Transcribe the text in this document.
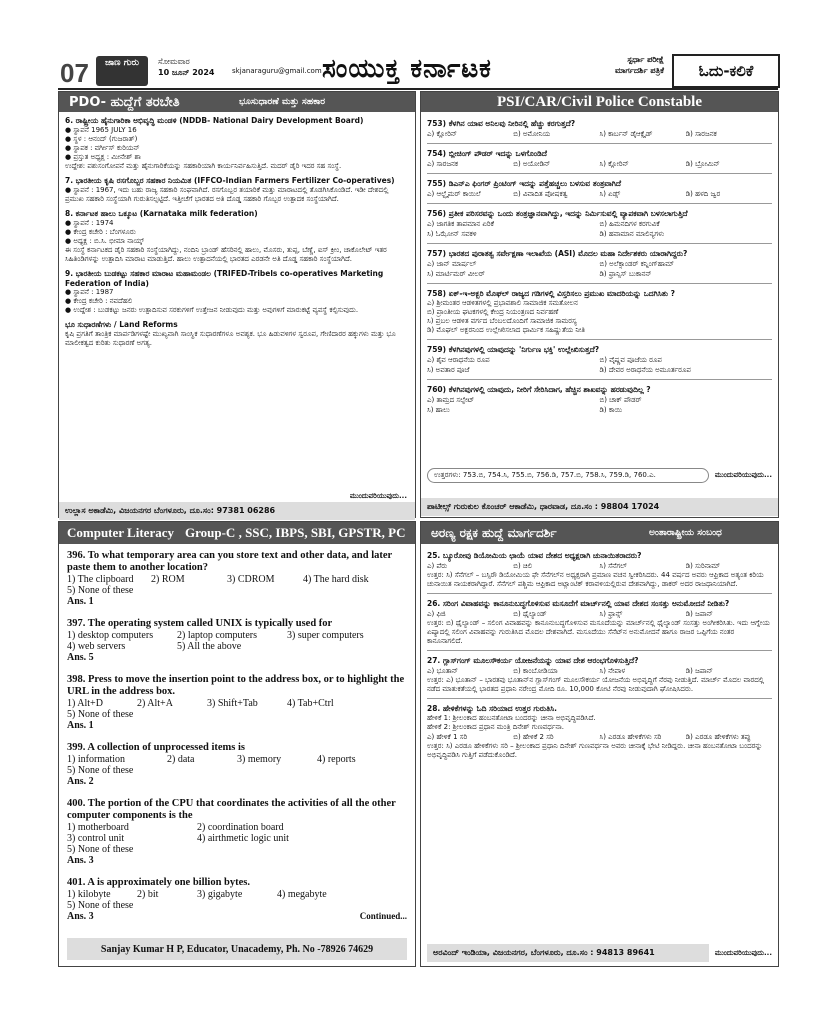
07	ಜಾಣ ಗುರು	ಸೋಮವಾರ
10 ಜೂನ್ 2024	skjanaraguru@gmail.com ಸಂಯುಕ್ತ ಕರ್ನಾಟಕ	ಸ್ಪರ್ಧಾ ಪರೀಕ್ಷೆ ಮಾರ್ಗದರ್ಶಿ ಪತ್ರಿಕೆ	ಓದು-ಕಲಿಕೆ
PDO- ಹುದ್ದೆಗೆ ತರಬೇತಿ	ಭೂಸುಧಾರಣೆ ಮತ್ತು ಸಹಕಾರ
6. ರಾಷ್ಟ್ರೀಯ ಹೈನುಗಾರಿಕಾ ಅಭಿವೃದ್ಧಿ ಮಂಡಳಿ (NDDB- National Dairy Development Board)
● ಸ್ಥಾಪನೆ 1965 JULY 16
● ಸ್ಥಳ : ಆನಂದ್ (ಗುಜರಾತ್)
● ಸ್ಥಾಪಕ : ವರ್ಗೀಸ್ ಕುರಿಯನ್
● ಪ್ರಸ್ತುತ ಅಧ್ಯಕ್ಷ : ಮೀನೇಶ್ ಶಾ
ಉದ್ದೇಶ: ಪಶುಸಂಗೋಪನೆ ಮತ್ತು ಹೈನುಗಾರಿಕೆಯನ್ನು ಸಹಕಾರಿಯಾಗಿ ಕಾರ್ಯನಿರ್ವಹಿಸುತ್ತಿದೆ. ಮದರ್ ಡೈರಿ ಇದರ ಸಹ ಸಂಸ್ಥೆ.
7. ಭಾರತೀಯ ಕೃಷಿ ರಸಗೊಬ್ಬರ ಸಹಕಾರ ನಿಯಮಿತ (IFFCO-Indian Farmers Fertilizer Co-operatives)
● ಸ್ಥಾಪನೆ : 1967, ಇದು ಬಹು ರಾಜ್ಯ ಸಹಕಾರಿ ಸಂಘವಾಗಿದೆ. ರಸಗೊಬ್ಬರ ತಯಾರಿಕೆ ಮತ್ತು ಮಾರಾಟದಲ್ಲಿ ತೊಡಗಿಸಿಕೊಂಡಿದೆ. ಇಡೀ ದೇಶದಲ್ಲಿ ಪ್ರಮುಖ ಸಹಕಾರಿ ಸಂಸ್ಥೆಯಾಗಿ ಗುರುತಿಸಲ್ಪಟ್ಟಿದೆ. ಇತ್ತೀಚೆಗೆ ಭಾರತದ ಅತಿ ದೊಡ್ಡ ಸಹಕಾರಿ ಗೊಬ್ಬರ ಉತ್ಪಾದಕ ಸಂಸ್ಥೆಯಾಗಿದೆ.
8. ಕರ್ನಾಟಕ ಹಾಲು ಒಕ್ಕೂಟ (Karnataka milk federation)
● ಸ್ಥಾಪನೆ : 1974
● ಕೇಂದ್ರ ಕಚೇರಿ : ಬೆಂಗಳೂರು
● ಅಧ್ಯಕ್ಷ : ಬಿ.ಸಿ. ಭೀಮಾ ನಾಯ್ಕ್
ಈ ಸಂಸ್ಥೆ ಕರ್ನಾಟಕದ ಡೈರಿ ಸಹಕಾರಿ ಸಂಸ್ಥೆಯಾಗಿದ್ದು, ನಂದಿನಿ ಬ್ರಾಂಡ್ ಹೆಸರಿನಲ್ಲಿ ಹಾಲು, ಮೊಸರು, ತುಪ್ಪ, ಬೆಣ್ಣೆ, ಐಸ್ ಕ್ರೀಂ, ಚಾಕೊಲೇಟ್ ಇತರ ಸಿಹಿತಿಂಡಿಗಳನ್ನು ಉತ್ಪಾದಿಸಿ ಮಾರಾಟ ಮಾಡುತ್ತಿದೆ. ಹಾಲು ಉತ್ಪಾದನೆಯಲ್ಲಿ ಭಾರತದ ಎರಡನೇ ಅತಿ ದೊಡ್ಡ ಸಹಕಾರಿ ಸಂಸ್ಥೆಯಾಗಿದೆ.
9. ಭಾರತೀಯ ಬುಡಕಟ್ಟು ಸಹಕಾರ ಮಾರಾಟ ಮಹಾಮಂಡಲ (TRIFED-Tribels co-operatives Marketing Federation of India)
● ಸ್ಥಾಪನೆ : 1987
● ಕೇಂದ್ರ ಕಚೇರಿ : ನವದೆಹಲಿ
● ಉದ್ದೇಶ : ಬುಡಕಟ್ಟು ಜನರು ಉತ್ಪಾದಿಸುವ ಸರಕುಗಳಿಗೆ ಉತ್ತೇಜನ ನೀಡುವುದು ಮತ್ತು ಅವುಗಳಿಗೆ ಮಾರುಕಟ್ಟೆ ವ್ಯವಸ್ಥೆ ಕಲ್ಪಿಸುವುದು.
ಭೂ ಸುಧಾರಣೆಗಳು / Land Reforms
ಕೃಷಿ ಪ್ರಗತಿಗೆ ತಾಂತ್ರಿಕ ಮಾರ್ಪಡಿಗಳಷ್ಟೇ ಮುಖ್ಯವಾಗಿ ಸಾಂಸ್ಥಿಕ ಸುಧಾರಣೆಗಳೂ ಅವಶ್ಯಕ. ಭೂ ಹಿಡುವಳಿಗಳ ಸ್ವರೂಪ, ಗೇಣಿದಾರರ ಹಕ್ಕುಗಳು ಮತ್ತು ಭೂ ಮಾಲೀಕತ್ವದ ಕುರಿತು ಸುಧಾರಣೆ ಅಗತ್ಯ.
ಮುಂದುವರಿಯುವುದು...
ಉಲ್ಲಾಸ ಅಕಾಡೆಮಿ, ವಿಜಯನಗರ ಬೆಂಗಳೂರು, ದೂ.ಸಂ: 97381 06286
PSI/CAR/Civil Police Constable
753) ಕೆಳಗಿನ ಯಾವ ಅನಿಲವು ನೀರಿನಲ್ಲಿ ಹೆಚ್ಚು ಕರಗುತ್ತದೆ?
ಎ) ಕ್ಲೋರಿನ್	ಬಿ) ಅಮೋನಿಯ	ಸಿ) ಕಾರ್ಬನ್ ಡೈಆಕ್ಸೈಡ್	ಡಿ) ಸಾರಜನಕ
754) ಬ್ಲೀಚಿಂಗ್ ಪೌಡರ್ ಇದನ್ನು ಒಳಗೊಂಡಿದೆ
ಎ) ಸಾರಜನಕ	ಬಿ) ಅಯೋಡಿನ್	ಸಿ) ಕ್ಲೋರಿನ್	ಡಿ) ಬ್ರೋಮಿನ್
755) ಡಿಎನ್‌ಎ ಫಿಂಗರ್ ಪ್ರಿಂಟಿಂಗ್ ಇದನ್ನು ಪತ್ತೆಹಚ್ಚಲು ಬಳಸುವ ತಂತ್ರವಾಗಿದೆ
ಎ) ಆಲ್ಝೈಮರ್ ಕಾಯಿಲೆ	ಬಿ) ವಿವಾದಿತ ಪೋಷಕತ್ವ	ಸಿ) ಏಡ್ಸ್	ಡಿ) ಹಳದಿ ಜ್ವರ
756) ಪ್ರತೀಕ ಪರಿಸರವನ್ನು ಒಂದು ತಂತ್ರಜ್ಞಾನವಾಗಿದ್ದು, ಇದನ್ನು ನಿರ್ಮಿಸುವಲ್ಲಿ ವ್ಯಾಪಕವಾಗಿ ಬಳಸಲಾಗುತ್ತಿದೆ
ಎ) ಜಾಗತಿಕ ತಾಪಮಾನ ಏರಿಕೆ	ಬಿ) ಹಿಮನದಿಗಳ ಕರಗುವಿಕೆ
ಸಿ) ಓಝೋನ್ ಸವಕಳಿ	ಡಿ) ಹವಾಮಾನ ಮಾಲಿನ್ಯಗಳು
757) ಭಾರತದ ಪುರಾತತ್ವ ಸರ್ವೇಕ್ಷಣಾ ಇಲಾಖೆಯ (ASI) ಮೊದಲ ಮಹಾ ನಿರ್ದೇಶಕರು ಯಾರಾಗಿದ್ದರು?
ಎ) ಜಾನ್ ಮಾರ್ಷಲ್	ಬಿ) ಅಲೆಕ್ಸಾಂಡರ್ ಕನ್ನಿಂಗ್‌ಹಾಮ್
ಸಿ) ಮಾರ್ಟಿಮರ್ ವೀಲರ್	ಡಿ) ಫ್ರಾನ್ಸಿಸ್ ಬುಕಾನನ್
758) ಏಕ್-ಇ-ಅಕ್ಬರಿ ಮೊಘಲ್ ರಾಜ್ಯದ ಗಡಿಗಳಲ್ಲಿ ವಿಸ್ತರಿಸಲು ಪ್ರಮುಖ ಮಾದರಿಯನ್ನು ಒದಗಿಸಿತು ?
ಎ) ಶ್ರೀಮಂತರ ಆಡಳಿತಗಳಲ್ಲಿ ಪ್ರಭಾವಶಾಲಿ ಸಾಮಾಜಿಕ ಸಮತೋಲನ
ಬಿ) ಪ್ರಾಂತೀಯ ಘಟಕಗಳಲ್ಲಿ ಕೇಂದ್ರ ನಿಯಂತ್ರಣದ ನಿರ್ವಹಣೆ
ಸಿ) ಪ್ರಬಲ ಆಡಳಿತ ವರ್ಗದ ಬೆಂಬಲದೊಂದಿಗೆ ಸಾಮಾಜಿಕ ಸಾಮರಸ್ಯ
ಡಿ) ಮೊಘಲ್ ಅಕ್ಬರನಿಂದ ಉಲ್ಲೇಖಿಸಲಾದ ಧಾರ್ಮಿಕ ಸಹಿಷ್ಣುತೆಯ ನೀತಿ
759) ಕೆಳಗಿನವುಗಳಲ್ಲಿ ಯಾವುದನ್ನು 'ನಿರ್ಗುಣ ಭಕ್ತಿ' ಉಲ್ಲೇಖಿಸುತ್ತದೆ?
ಎ) ಶೈವ ಆರಾಧನೆಯ ರೂಪ	ಬಿ) ವೈಷ್ಣವ ಪೂಜೆಯ ರೂಪ
ಸಿ) ಅವತಾರ ಪೂಜೆ	ಡಿ) ದೇವರ ಅರಾಧನೆಯ ಅಮೂರ್ತರೂಪ
760) ಕೆಳಗಿನವುಗಳಲ್ಲಿ ಯಾವುದು, ನೀರಿಗೆ ಸೇರಿಸಿದಾಗ, ಹೆಚ್ಚಿನ ಶಾಖವನ್ನು ಹರಡುವುದಿಲ್ಲ ?
ಎ) ತಾಮ್ರದ ಸಲ್ಫೇಟ್	ಬಿ) ಚಾಕ್ ಪೌಡರ್
ಸಿ) ಹಾಲು	ಡಿ) ಕಾಯಿ
ಉತ್ತರಗಳು: 753.ಬಿ, 754.ಸಿ, 755.ಬಿ, 756.ಡಿ, 757.ಬಿ, 758.ಸಿ, 759.ಡಿ, 760.ಎ.	ಮುಂದುವರಿಯುವುದು...
ಪಾಟೀಲ್ಸ್ ಗುರುಕುಲ ಕೊಂಚರ್ ಆಕಾಡೆಮಿ, ಧಾರವಾಡ, ದೂ.ಸಂ : 98804 17024
Computer Literacy Group-C , SSC, IBPS, SBI, GPSTR, PC
396. To what temporary area can you store text and other data, and later paste them to another location?
1) The clipboard	2) ROM	3) CDROM	4) The hard disk
5) None of these
Ans. 1
397. The operating system called UNIX is typically used for
1) desktop computers	2) laptop computers	3) super computers
4) web servers	5) All the above
Ans. 5
398. Press to move the insertion point to the address box, or to highlight the URL in the address box.
1) Alt+D	2) Alt+A	3) Shift+Tab	4) Tab+Ctrl
5) None of these
Ans. 1
399. A collection of unprocessed items is
1) information	2) data	3) memory	4) reports
5) None of these
Ans. 2
400. The portion of the CPU that coordinates the activities of all the other computer components is the
1) motherboard	2) coordination board
3) control unit	4) airthmetic logic unit
5) None of these
Ans. 3
401. A is approximately one billion bytes.
1) kilobyte	2) bit	3) gigabyte	4) megabyte
5) None of these
Ans. 3	Continued...
Sanjay Kumar H P, Educator, Unacademy, Ph. No -78926 74629
ಅರಣ್ಯ ರಕ್ಷಕ ಹುದ್ದೆ ಮಾರ್ಗದರ್ಶಿ	ಅಂತಾರಾಷ್ಟ್ರೀಯ ಸಂಬಂಧ
25. ಬ್ಯೂರೋವು ಡಿಯೋಮಿಯ ಛಾಯೆ ಯಾವ ದೇಶದ ಅಧ್ಯಕ್ಷರಾಗಿ ಚುನಾಯಿತರಾದರು?
ಎ) ಪೆರು	ಬಿ) ಚಿಲಿ	ಸಿ) ಸೆನೆಗಲ್	ಡಿ) ಸುರಿನಾಮ್
ಉತ್ತರ: ಸಿ) ಸೆನೆಗಲ್ – ಬಸ್ಸಿರೌ ಡಿಯೋಮಿಯ ಫೇ ಸೆನೆಗಲ್‌ನ ಅಧ್ಯಕ್ಷರಾಗಿ ಪ್ರಮಾಣ ವಚನ ಸ್ವೀಕರಿಸಿದರು. 44 ವರ್ಷದ ಅವರು ಆಫ್ರಿಕಾದ ಅತ್ಯಂತ ಕಿರಿಯ ಚುನಾಯಿತ ನಾಯಕರಾಗಿದ್ದಾರೆ. ಸೆನೆಗಲ್ ಪಶ್ಚಿಮ ಆಫ್ರಿಕಾದ ಅಟ್ಲಾಂಟಿಕ್ ಕರಾವಳಿಯಲ್ಲಿರುವ ದೇಶವಾಗಿದ್ದು, ಡಾಕರ್ ಅದರ ರಾಜಧಾನಿಯಾಗಿದೆ.
26. ಸರಿಂಗ ವಿವಾಹವನ್ನು ಕಾನೂನುಬದ್ಧಗೊಳಿಸುವ ಮಸೂದೆಗೆ ಮಾರ್ಚ್‌ನಲ್ಲಿ ಯಾವ ದೇಶದ ಸಂಸತ್ತು ಅನುಮೋದನೆ ನೀಡಿತು?
ಎ) ಫಿಜಿ	ಬಿ) ಥೈಲ್ಯಾಂಡ್	ಸಿ) ಫ್ರಾನ್ಸ್	ಡಿ) ಜಪಾನ್
ಉತ್ತರ: ಬಿ) ಥೈಲ್ಯಾಂಡ್ – ಸಲಿಂಗ ವಿವಾಹವನ್ನು ಕಾನೂನುಬದ್ಧಗೊಳಿಸುವ ಮಸೂದೆಯನ್ನು ಮಾರ್ಚ್‌ನಲ್ಲಿ ಥೈಲ್ಯಾಂಡ್ ಸಂಸತ್ತು ಅಂಗೀಕರಿಸಿತು. ಇದು ಆಗ್ನೇಯ ಏಷ್ಯಾದಲ್ಲಿ ಸಲಿಂಗ ವಿವಾಹವನ್ನು ಗುರುತಿಸಿದ ಮೊದಲ ದೇಶವಾಗಿದೆ. ಮಸೂದೆಯು ಸೆನೆಟ್‌ನ ಅನುಮೋದನೆ ಹಾಗೂ ರಾಜರ ಒಪ್ಪಿಗೆಯ ನಂತರ ಕಾನೂನಾಗಲಿದೆ.
27. ಗ್ಲಾಸ್‌ಗಂಗ್ ಮೂಲಸೌಕರ್ಯ ಯೋಜನೆಯನ್ನು ಯಾವ ದೇಶ ಆರಂಭಗೊಳಿಸುತ್ತಿದೆ?
ಎ) ಭೂತಾನ್	ಬಿ) ಕಾಂಬೋಡಿಯಾ	ಸಿ) ನೇಪಾಳ	ಡಿ) ಜಪಾನ್
ಉತ್ತರ: ಎ) ಭೂತಾನ್ – ಭಾರತವು ಭೂತಾನ್‌ನ ಗ್ಲಾಸ್‌ಗಂಗ್ ಮೂಲಸೌಕರ್ಯ ಯೋಜನೆಯ ಅಭಿವೃದ್ಧಿಗೆ ನೆರವು ನೀಡುತ್ತಿದೆ. ಮಾರ್ಚ್ ಮೊದಲ ವಾರದಲ್ಲಿ ನಡೆದ ಮಾತುಕತೆಯಲ್ಲಿ ಭಾರತದ ಪ್ರಧಾನಿ ನರೇಂದ್ರ ಮೋದಿ ರೂ. 10,000 ಕೋಟಿ ನೆರವು ನೀಡುವುದಾಗಿ ಘೋಷಿಸಿದರು.
28. ಹೇಳಿಕೆಗಳನ್ನು ಓದಿ ಸರಿಯಾದ ಉತ್ತರ ಗುರುತಿಸಿ.
ಹೇಳಿಕೆ 1: ಶ್ರೀಲಂಕಾದ ಹಂಬನತೋಟಾ ಬಂದರನ್ನು ಚೀನಾ ಅಭಿವೃದ್ಧಿಪಡಿಸಿದೆ.
ಹೇಳಿಕೆ 2: ಶ್ರೀಲಂಕಾದ ಪ್ರಧಾನ ಮಂತ್ರಿ ದಿನೇಶ್ ಗುಣವರ್ಧನಾ.
ಎ) ಹೇಳಿಕೆ 1 ಸರಿ	ಬಿ) ಹೇಳಿಕೆ 2 ಸರಿ	ಸಿ) ಎರಡೂ ಹೇಳಿಕೆಗಳು ಸರಿ	ಡಿ) ಎರಡೂ ಹೇಳಿಕೆಗಳು ತಪ್ಪು
ಉತ್ತರ: ಸಿ) ಎರಡೂ ಹೇಳಿಕೆಗಳು ಸರಿ – ಶ್ರೀಲಂಕಾದ ಪ್ರಧಾನಿ ದಿನೇಶ್ ಗುಣವರ್ಧನಾ ಅವರು ಚೀನಾಕ್ಕೆ ಭೇಟಿ ನೀಡಿದ್ದರು. ಚೀನಾ ಹಂಬನತೋಟಾ ಬಂದರನ್ನು ಅಭಿವೃದ್ಧಿಪಡಿಸಿ ಗುತ್ತಿಗೆ ಪಡೆದುಕೊಂಡಿದೆ.
ಅರವಿಂದ್ ಇಂಡಿಯಾ, ವಿಜಯನಗರ, ಬೆಂಗಳೂರು, ದೂ.ಸಂ : 94813 89641	ಮುಂದುವರಿಯುವುದು...
